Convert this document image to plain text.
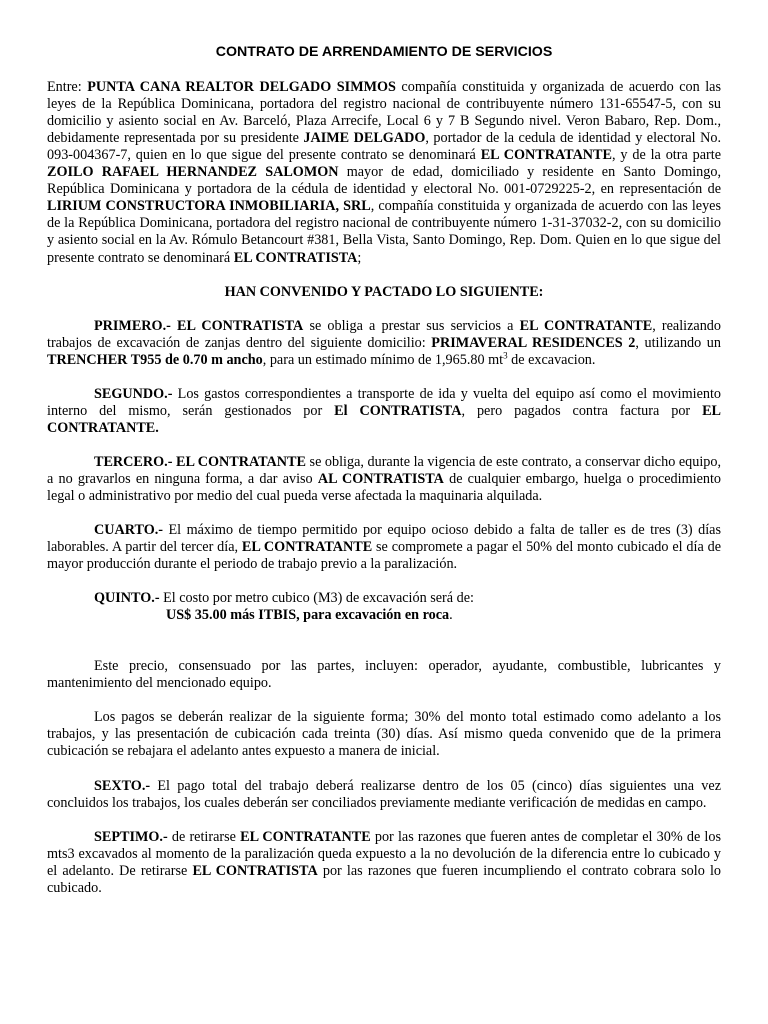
CONTRATO DE ARRENDAMIENTO DE SERVICIOS

Entre: PUNTA CANA REALTOR DELGADO SIMMOS compañía constituida y organizada de acuerdo con las leyes de la República Dominicana, portadora del registro nacional de contribuyente número 131-65547-5, con su domicilio y asiento social en Av. Barceló, Plaza Arrecife, Local 6 y 7 B Segundo nivel. Veron Babaro, Rep. Dom., debidamente representada por su presidente JAIME DELGADO, portador de la cedula de identidad y electoral No. 093-004367-7, quien en lo que sigue del presente contrato se denominará EL CONTRATANTE, y de la otra parte ZOILO RAFAEL HERNANDEZ SALOMON mayor de edad, domiciliado y residente en Santo Domingo, República Dominicana y portadora de la cédula de identidad y electoral No. 001-0729225-2, en representación de LIRIUM CONSTRUCTORA INMOBILIARIA, SRL, compañía constituida y organizada de acuerdo con las leyes de la República Dominicana, portadora del registro nacional de contribuyente número 1-31-37032-2, con su domicilio y asiento social en la Av. Rómulo Betancourt #381, Bella Vista, Santo Domingo, Rep. Dom. Quien en lo que sigue del presente contrato se denominará EL CONTRATISTA;

HAN CONVENIDO Y PACTADO LO SIGUIENTE:

PRIMERO.- EL CONTRATISTA se obliga a prestar sus servicios a EL CONTRATANTE, realizando trabajos de excavación de zanjas dentro del siguiente domicilio: PRIMAVERAL RESIDENCES 2, utilizando un TRENCHER T955 de 0.70 m ancho, para un estimado mínimo de 1,965.80 $mt^3$ de excavacion.

SEGUNDO.- Los gastos correspondientes a transporte de ida y vuelta del equipo así como el movimiento interno del mismo, serán gestionados por El CONTRATISTA, pero pagados contra factura por EL CONTRATANTE.

TERCERO.- EL CONTRATANTE se obliga, durante la vigencia de este contrato, a conservar dicho equipo, a no gravarlos en ninguna forma, a dar aviso AL CONTRATISTA de cualquier embargo, huelga o procedimiento legal o administrativo por medio del cual pueda verse afectada la maquinaria alquilada.

CUARTO.- El máximo de tiempo permitido por equipo ocioso debido a falta de taller es de tres (3) días laborables. A partir del tercer día, EL CONTRATANTE se compromete a pagar el 50% del monto cubicado el día de mayor producción durante el periodo de trabajo previo a la paralización.

QUINTO.- El costo por metro cubico (M3) de excavación será de:

US$ 35.00 más ITBIS, para excavación en roca.

Este precio, consensuado por las partes, incluyen: operador, ayudante, combustible, lubricantes y mantenimiento del mencionado equipo.

Los pagos se deberán realizar de la siguiente forma; 30% del monto total estimado como adelanto a los trabajos, y las presentación de cubicación cada treinta (30) días. Así mismo queda convenido que de la primera cubicación se rebajara el adelanto antes expuesto a manera de inicial.

SEXTO.- El pago total del trabajo deberá realizarse dentro de los 05 (cinco) días siguientes una vez concluidos los trabajos, los cuales deberán ser conciliados previamente mediante verificación de medidas en campo.

SEPTIMO.- de retirarse EL CONTRATANTE por las razones que fueren antes de completar el 30% de los mts3 excavados al momento de la paralización queda expuesto a la no devolución de la diferencia entre lo cubicado y el adelanto. De retirarse EL CONTRATISTA por las razones que fueren incumpliendo el contrato cobrara solo lo cubicado.
